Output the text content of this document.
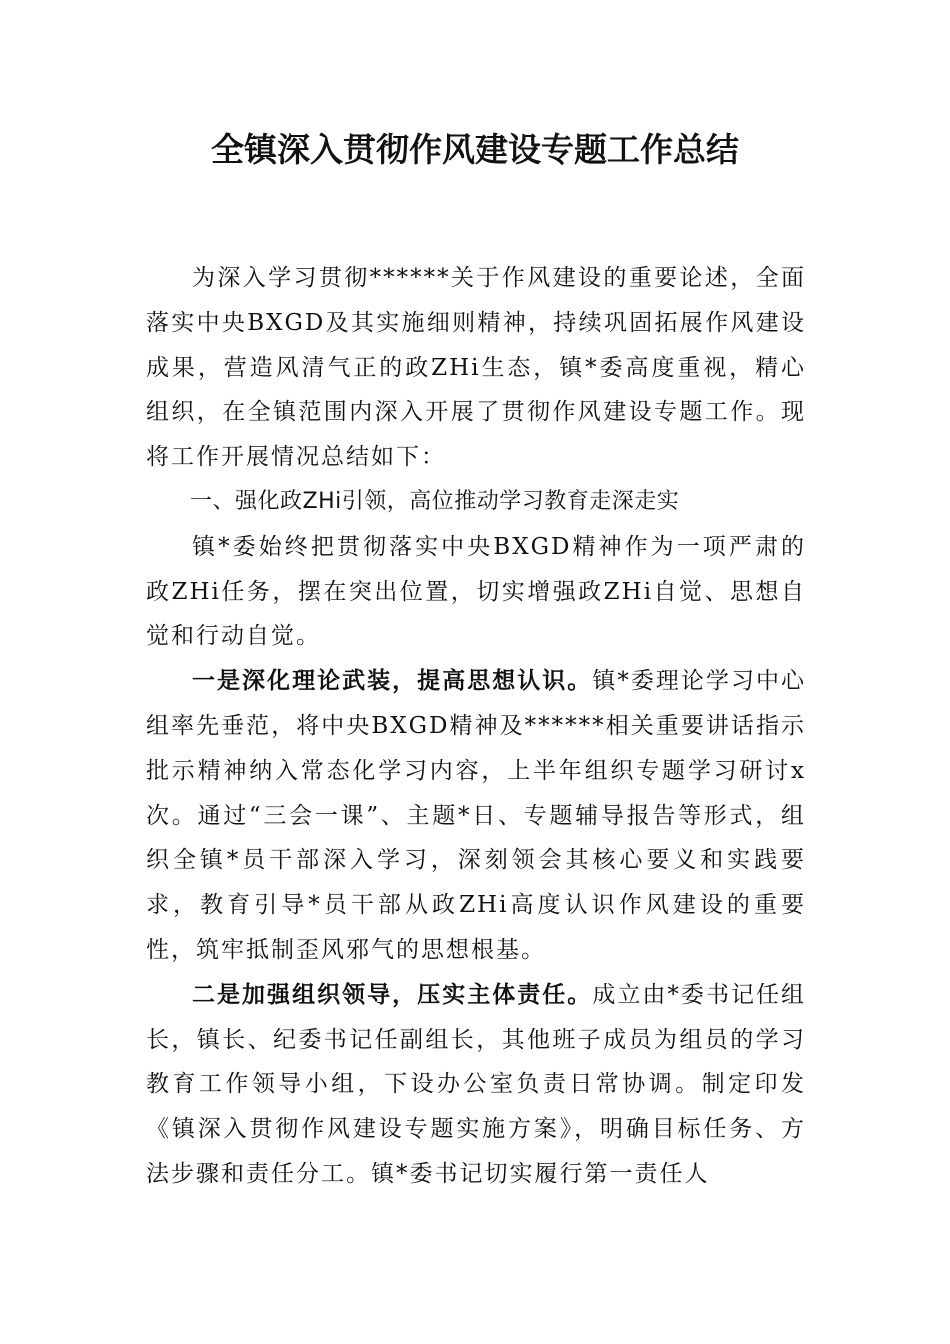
全镇深入贯彻作风建设专题工作总结

为深入学习贯彻******关于作风建设的重要论述，全面落实中央BXGD及其实施细则精神，持续巩固拓展作风建设成果，营造风清气正的政ZHi生态，镇*委高度重视，精心组织，在全镇范围内深入开展了贯彻作风建设专题工作。现将工作开展情况总结如下：

一、强化政ZHi引领，高位推动学习教育走深走实

镇*委始终把贯彻落实中央BXGD精神作为一项严肃的政ZHi任务，摆在突出位置，切实增强政ZHi自觉、思想自觉和行动自觉。

一是深化理论武装，提高思想认识。镇*委理论学习中心组率先垂范，将中央BXGD精神及******相关重要讲话指示批示精神纳入常态化学习内容，上半年组织专题学习研讨x次。通过“三会一课”、主题*日、专题辅导报告等形式，组织全镇*员干部深入学习，深刻领会其核心要义和实践要求，教育引导*员干部从政ZHi高度认识作风建设的重要性，筑牢抵制歪风邪气的思想根基。

二是加强组织领导，压实主体责任。成立由*委书记任组长，镇长、纪委书记任副组长，其他班子成员为组员的学习教育工作领导小组，下设办公室负责日常协调。制定印发《镇深入贯彻作风建设专题实施方案》，明确目标任务、方法步骤和责任分工。镇*委书记切实履行第一责任人
